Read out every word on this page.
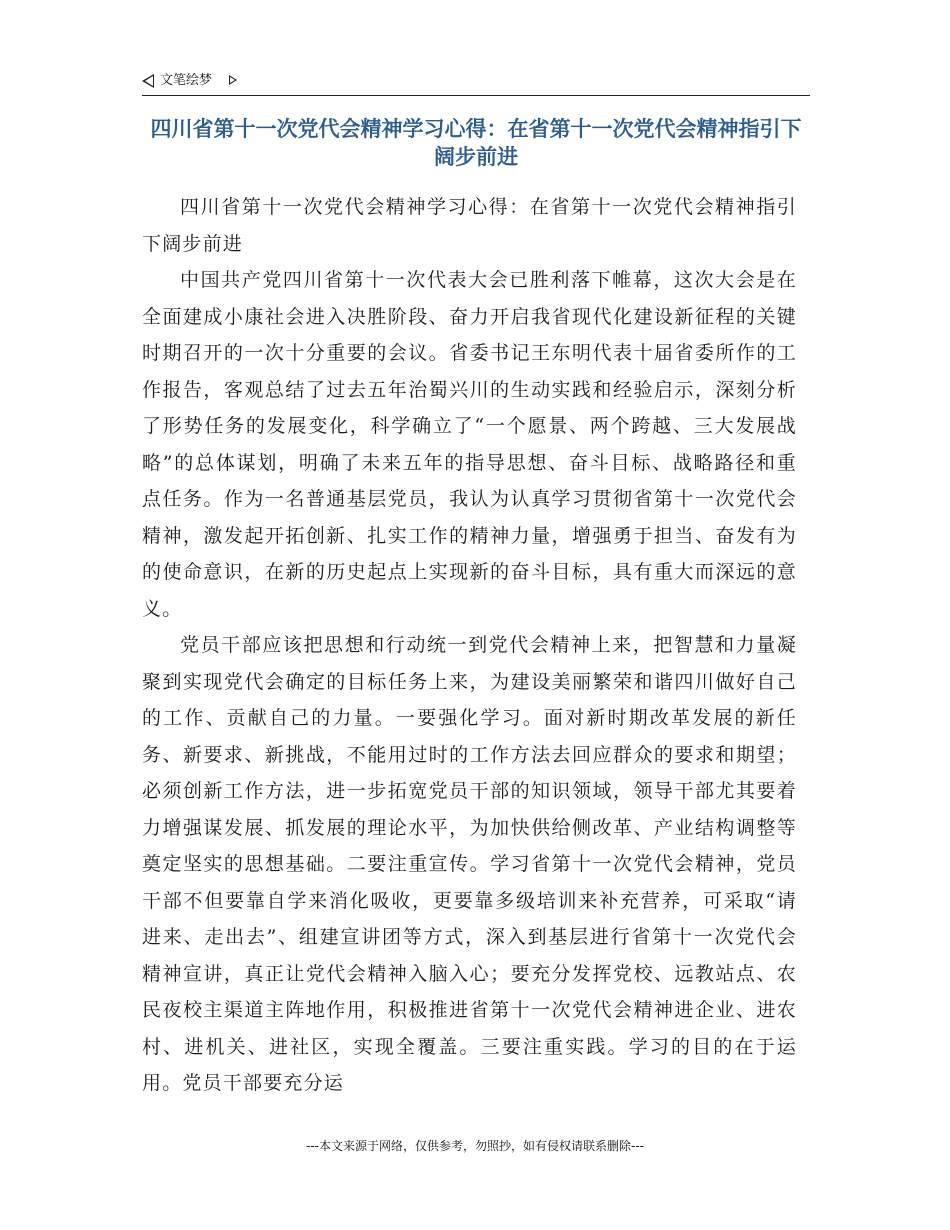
文笔绘梦
四川省第十一次党代会精神学习心得：在省第十一次党代会精神指引下阔步前进

四川省第十一次党代会精神学习心得：在省第十一次党代会精神指引下阔步前进

中国共产党四川省第十一次代表大会已胜利落下帷幕，这次大会是在全面建成小康社会进入决胜阶段、奋力开启我省现代化建设新征程的关键时期召开的一次十分重要的会议。省委书记王东明代表十届省委所作的工作报告，客观总结了过去五年治蜀兴川的生动实践和经验启示，深刻分析了形势任务的发展变化，科学确立了“一个愿景、两个跨越、三大发展战略”的总体谋划，明确了未来五年的指导思想、奋斗目标、战略路径和重点任务。作为一名普通基层党员，我认为认真学习贯彻省第十一次党代会精神，激发起开拓创新、扎实工作的精神力量，增强勇于担当、奋发有为的使命意识，在新的历史起点上实现新的奋斗目标，具有重大而深远的意义。

党员干部应该把思想和行动统一到党代会精神上来，把智慧和力量凝聚到实现党代会确定的目标任务上来，为建设美丽繁荣和谐四川做好自己的工作、贡献自己的力量。一要强化学习。面对新时期改革发展的新任务、新要求、新挑战，不能用过时的工作方法去回应群众的要求和期望；必须创新工作方法，进一步拓宽党员干部的知识领域，领导干部尤其要着力增强谋发展、抓发展的理论水平，为加快供给侧改革、产业结构调整等奠定坚实的思想基础。二要注重宣传。学习省第十一次党代会精神，党员干部不但要靠自学来消化吸收，更要靠多级培训来补充营养，可采取“请进来、走出去”、组建宣讲团等方式，深入到基层进行省第十一次党代会精神宣讲，真正让党代会精神入脑入心；要充分发挥党校、远教站点、农民夜校主渠道主阵地作用，积极推进省第十一次党代会精神进企业、进农村、进机关、进社区，实现全覆盖。三要注重实践。学习的目的在于运用。党员干部要充分运

---本文来源于网络，仅供参考，勿照抄，如有侵权请联系删除---
